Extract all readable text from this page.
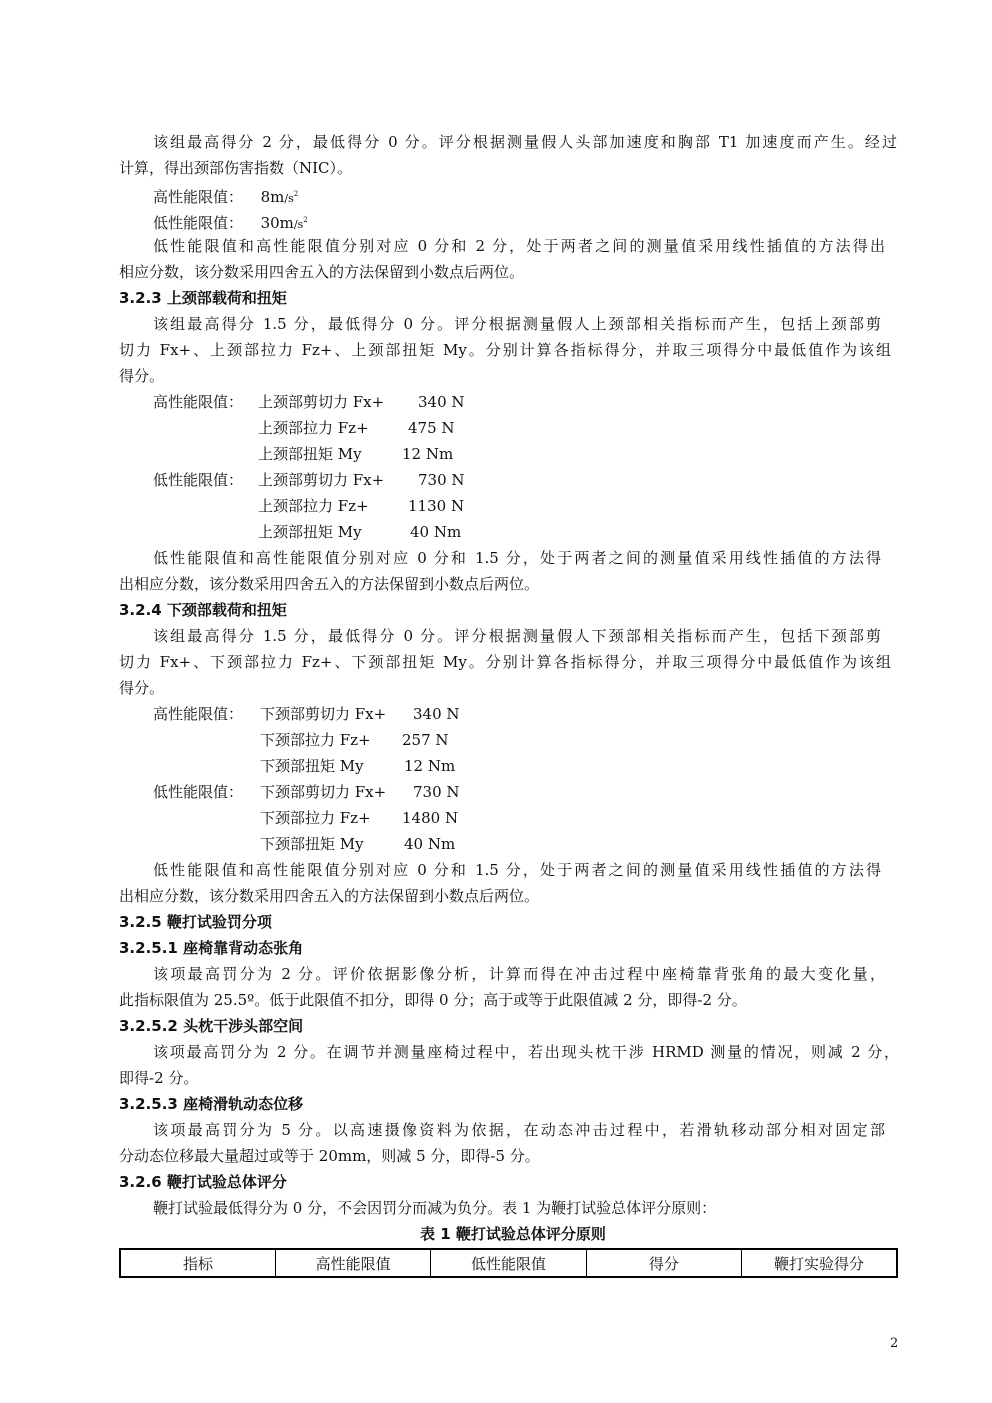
该组最高得分 2 分，最低得分 0 分。评分根据测量假人头部加速度和胸部 T1 加速度而产生。经过
计算，得出颈部伤害指数（NIC）。
高性能限值： $8m/s^2$
低性能限值： $30m/s^2$
低性能限值和高性能限值分别对应 0 分和 2 分，处于两者之间的测量值采用线性插值的方法得出
相应分数，该分数采用四舍五入的方法保留到小数点后两位。
3.2.3 上颈部载荷和扭矩
该组最高得分 1.5 分，最低得分 0 分。评分根据测量假人上颈部相关指标而产生，包括上颈部剪
切力 Fx+、上颈部拉力 Fz+、上颈部扭矩 My。分别计算各指标得分，并取三项得分中最低值作为该组
得分。
高性能限值： 上颈部剪切力 Fx+ 340 N
上颈部拉力 Fz+	475 N
上颈部扭矩 My	12 Nm
低性能限值： 上颈部剪切力 Fx+ 730 N
上颈部拉力 Fz+	1130 N
上颈部扭矩 My	40 Nm
低性能限值和高性能限值分别对应 0 分和 1.5 分，处于两者之间的测量值采用线性插值的方法得
出相应分数，该分数采用四舍五入的方法保留到小数点后两位。
3.2.4 下颈部载荷和扭矩
该组最高得分 1.5 分，最低得分 0 分。评分根据测量假人下颈部相关指标而产生，包括下颈部剪
切力 Fx+、下颈部拉力 Fz+、下颈部扭矩 My。分别计算各指标得分，并取三项得分中最低值作为该组
得分。
高性能限值： 下颈部剪切力 Fx+ 340 N
下颈部拉力 Fz+ 257 N
下颈部扭矩 My	12 Nm
低性能限值： 下颈部剪切力 Fx+ 730 N
下颈部拉力 Fz+ 1480 N
下颈部扭矩 My	40 Nm
低性能限值和高性能限值分别对应 0 分和 1.5 分，处于两者之间的测量值采用线性插值的方法得
出相应分数，该分数采用四舍五入的方法保留到小数点后两位。
3.2.5 鞭打试验罚分项
3.2.5.1 座椅靠背动态张角
该项最高罚分为 2 分。评价依据影像分析，计算而得在冲击过程中座椅靠背张角的最大变化量，
此指标限值为 25.5º。低于此限值不扣分，即得 0 分；高于或等于此限值减 2 分，即得-2 分。
3.2.5.2 头枕干涉头部空间
该项最高罚分为 2 分。在调节并测量座椅过程中，若出现头枕干涉 HRMD 测量的情况，则减 2 分，
即得-2 分。
3.2.5.3 座椅滑轨动态位移
该项最高罚分为 5 分。以高速摄像资料为依据，在动态冲击过程中，若滑轨移动部分相对固定部
分动态位移最大量超过或等于 20mm，则减 5 分，即得-5 分。
3.2.6 鞭打试验总体评分
鞭打试验最低得分为 0 分，不会因罚分而减为负分。表 1 为鞭打试验总体评分原则：
表 1 鞭打试验总体评分原则
指标	高性能限值	低性能限值	得分	鞭打实验得分
2
